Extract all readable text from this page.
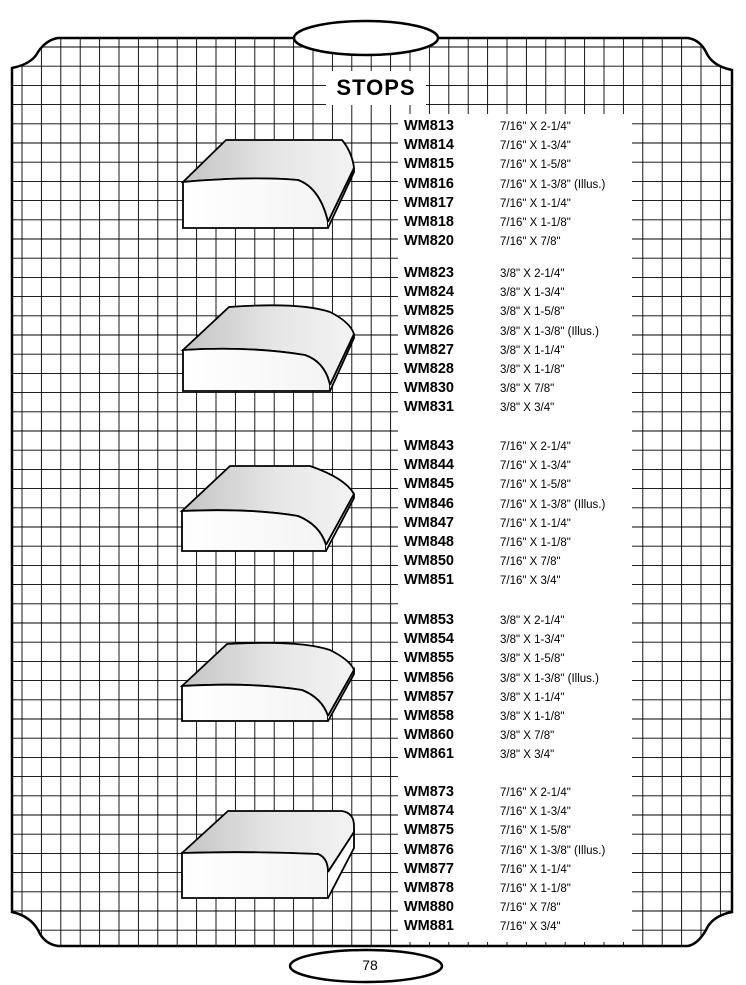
STOPS
WM813	7/16" X 2-1/4"
WM814	7/16" X 1-3/4"
WM815	7/16" X 1-5/8"
WM816	7/16" X 1-3/8" (Illus.)
WM817	7/16" X 1-1/4"
WM818	7/16" X 1-1/8"
WM820	7/16" X 7/8"
WM823	3/8" X 2-1/4"
WM824	3/8" X 1-3/4"
WM825	3/8" X 1-5/8"
WM826	3/8" X 1-3/8" (Illus.)
WM827	3/8" X 1-1/4"
WM828	3/8" X 1-1/8"
WM830	3/8" X 7/8"
WM831	3/8" X 3/4"
WM843	7/16" X 2-1/4"
WM844	7/16" X 1-3/4"
WM845	7/16" X 1-5/8"
WM846	7/16" X 1-3/8" (Illus.)
WM847	7/16" X 1-1/4"
WM848	7/16" X 1-1/8"
WM850	7/16" X 7/8"
WM851	7/16" X 3/4"
WM853	3/8" X 2-1/4"
WM854	3/8" X 1-3/4"
WM855	3/8" X 1-5/8"
WM856	3/8" X 1-3/8" (Illus.)
WM857	3/8" X 1-1/4"
WM858	3/8" X 1-1/8"
WM860	3/8" X 7/8"
WM861	3/8" X 3/4"
WM873	7/16" X 2-1/4"
WM874	7/16" X 1-3/4"
WM875	7/16" X 1-5/8"
WM876	7/16" X 1-3/8" (Illus.)
WM877	7/16" X 1-1/4"
WM878	7/16" X 1-1/8"
WM880	7/16" X 7/8"
WM881	7/16" X 3/4"
78
